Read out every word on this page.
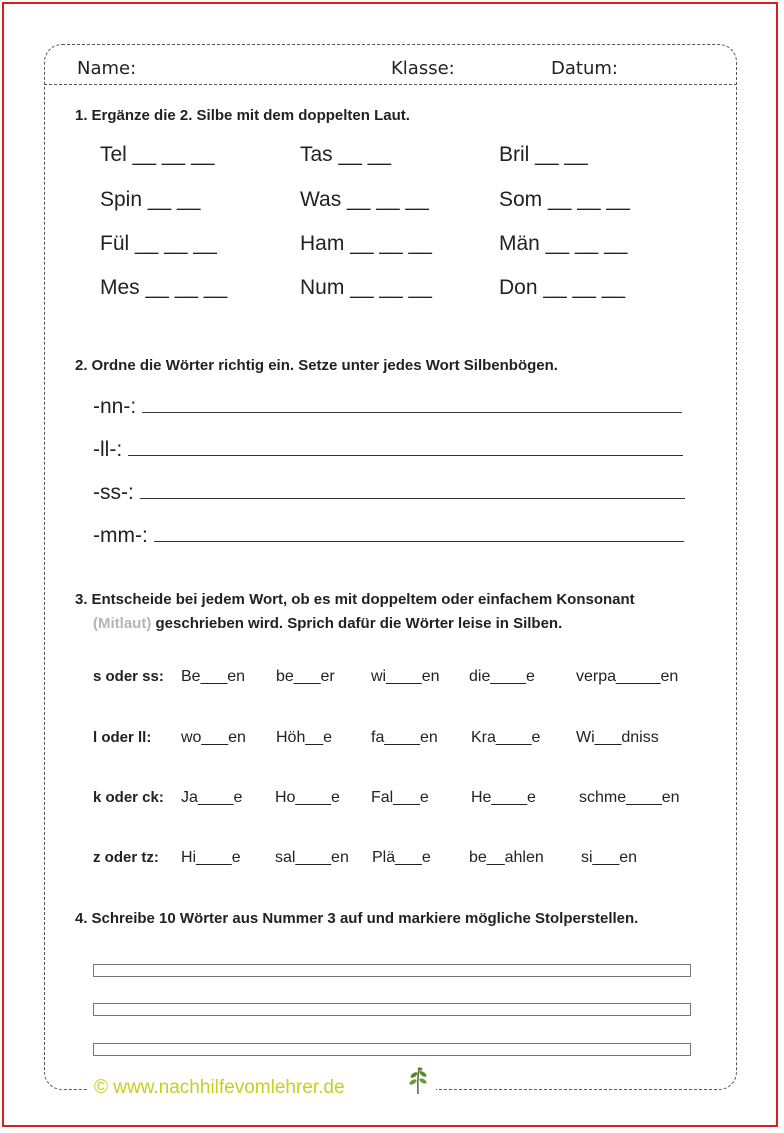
Name:	Klasse:	Datum:
1. Ergänze die 2. Silbe mit dem doppelten Laut.
Tel __ __ __	Tas __ __	Bril __ __
Spin __ __	Was __ __ __	Som __ __ __
Fül __ __ __	Ham __ __ __	Män __ __ __
Mes __ __ __	Num __ __ __	Don __ __ __
2. Ordne die Wörter richtig ein. Setze unter jedes Wort Silbenbögen.
-nn-:
-ll-:
-ss-:
-mm-:
3. Entscheide bei jedem Wort, ob es mit doppeltem oder einfachem Konsonant
(Mitlaut) geschrieben wird. Sprich dafür die Wörter leise in Silben.
s oder ss: Be___en be___er wi____en die____e	verpa_____en
l oder ll: wo___en Höh__e fa____en Kra____e Wi___dniss
k oder ck: Ja____e Ho____e Fal___e	He____e	schme____en
z oder tz: Hi____e sal____en Plä___e be__ahlen si___en
4. Schreibe 10 Wörter aus Nummer 3 auf und markiere mögliche Stolperstellen.
© www.nachhilfevomlehrer.de
